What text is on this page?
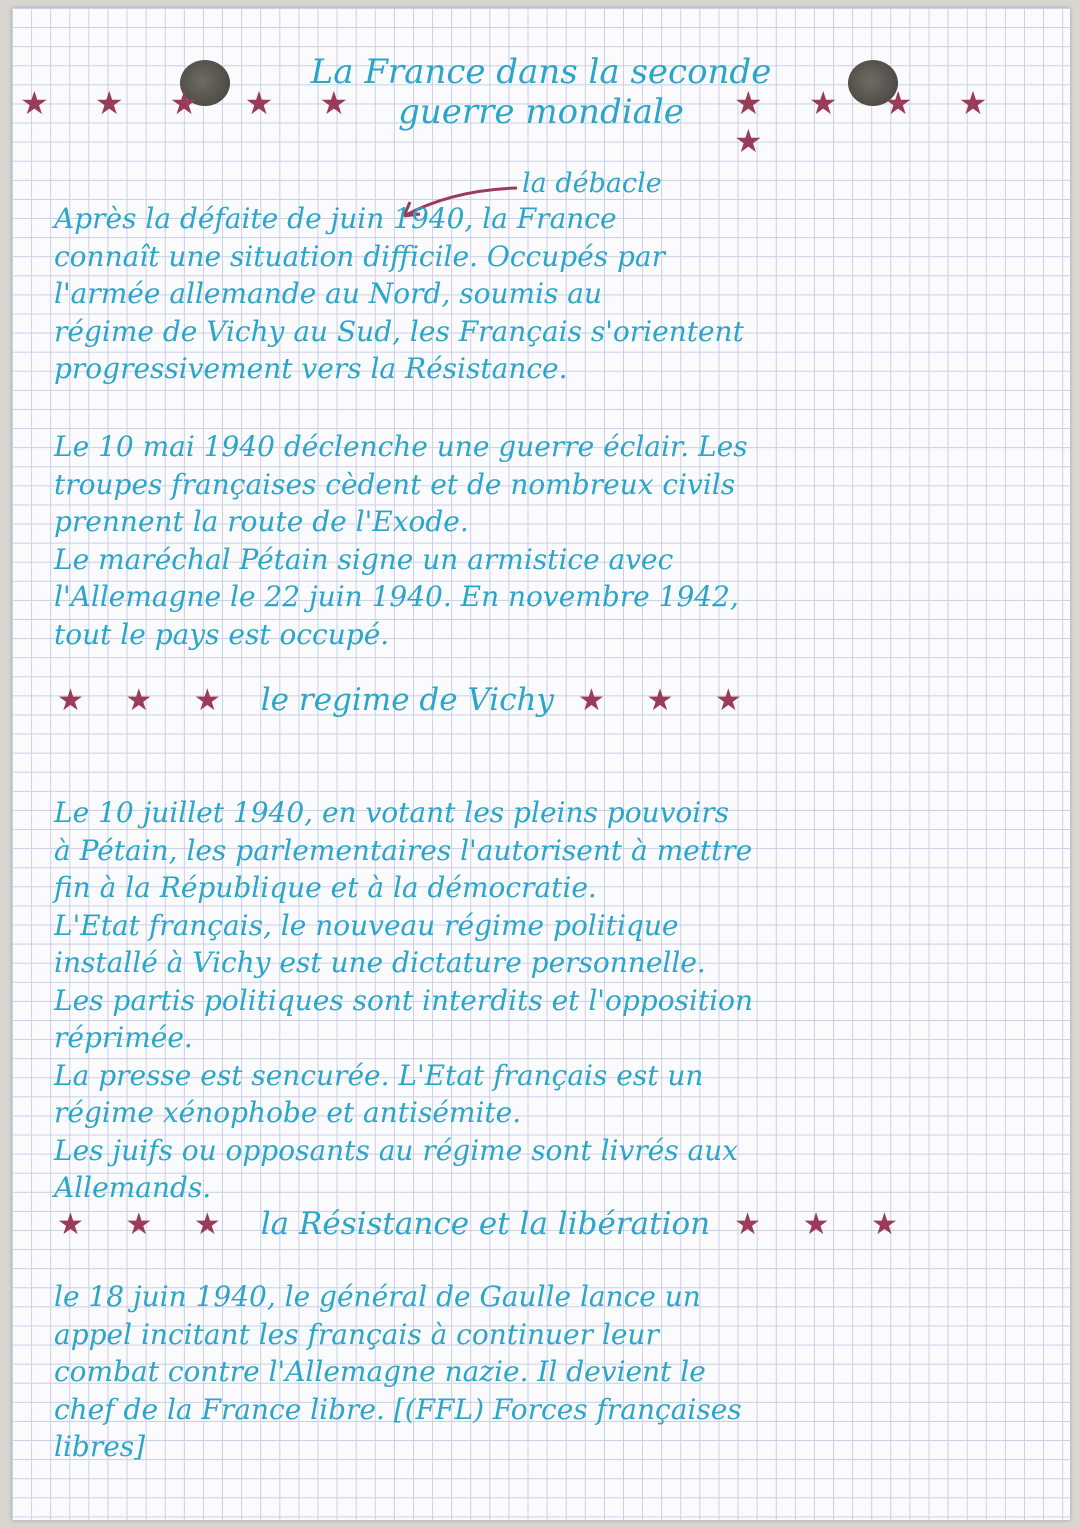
★ ★ ★ ★ ★	★ ★ ★ ★ ★
La France dans la seconde
guerre mondiale
la débacle
Après la défaite de juin 1940, la France
connaît une situation difficile. Occupés par
l'armée allemande au Nord, soumis au
régime de Vichy au Sud, les Français s'orientent
progressivement vers la Résistance.
Le 10 mai 1940 déclenche une guerre éclair. Les
troupes françaises cèdent et de nombreux civils
prennent la route de l'Exode.
Le maréchal Pétain signe un armistice avec
l'Allemagne le 22 juin 1940. En novembre 1942,
tout le pays est occupé.
★ ★ ★ le regime de Vichy ★ ★ ★
Le 10 juillet 1940, en votant les pleins pouvoirs
à Pétain, les parlementaires l'autorisent à mettre
fin à la République et à la démocratie.
L'Etat français, le nouveau régime politique
installé à Vichy est une dictature personnelle.
Les partis politiques sont interdits et l'opposition
réprimée.
La presse est sencurée. L'Etat français est un
régime xénophobe et antisémite.
Les juifs ou opposants au régime sont livrés aux
Allemands.
★ ★ ★ la Résistance et la libération ★ ★ ★
le 18 juin 1940, le général de Gaulle lance un
appel incitant les français à continuer leur
combat contre l'Allemagne nazie. Il devient le
chef de la France libre. [(FFL) Forces françaises
libres]
